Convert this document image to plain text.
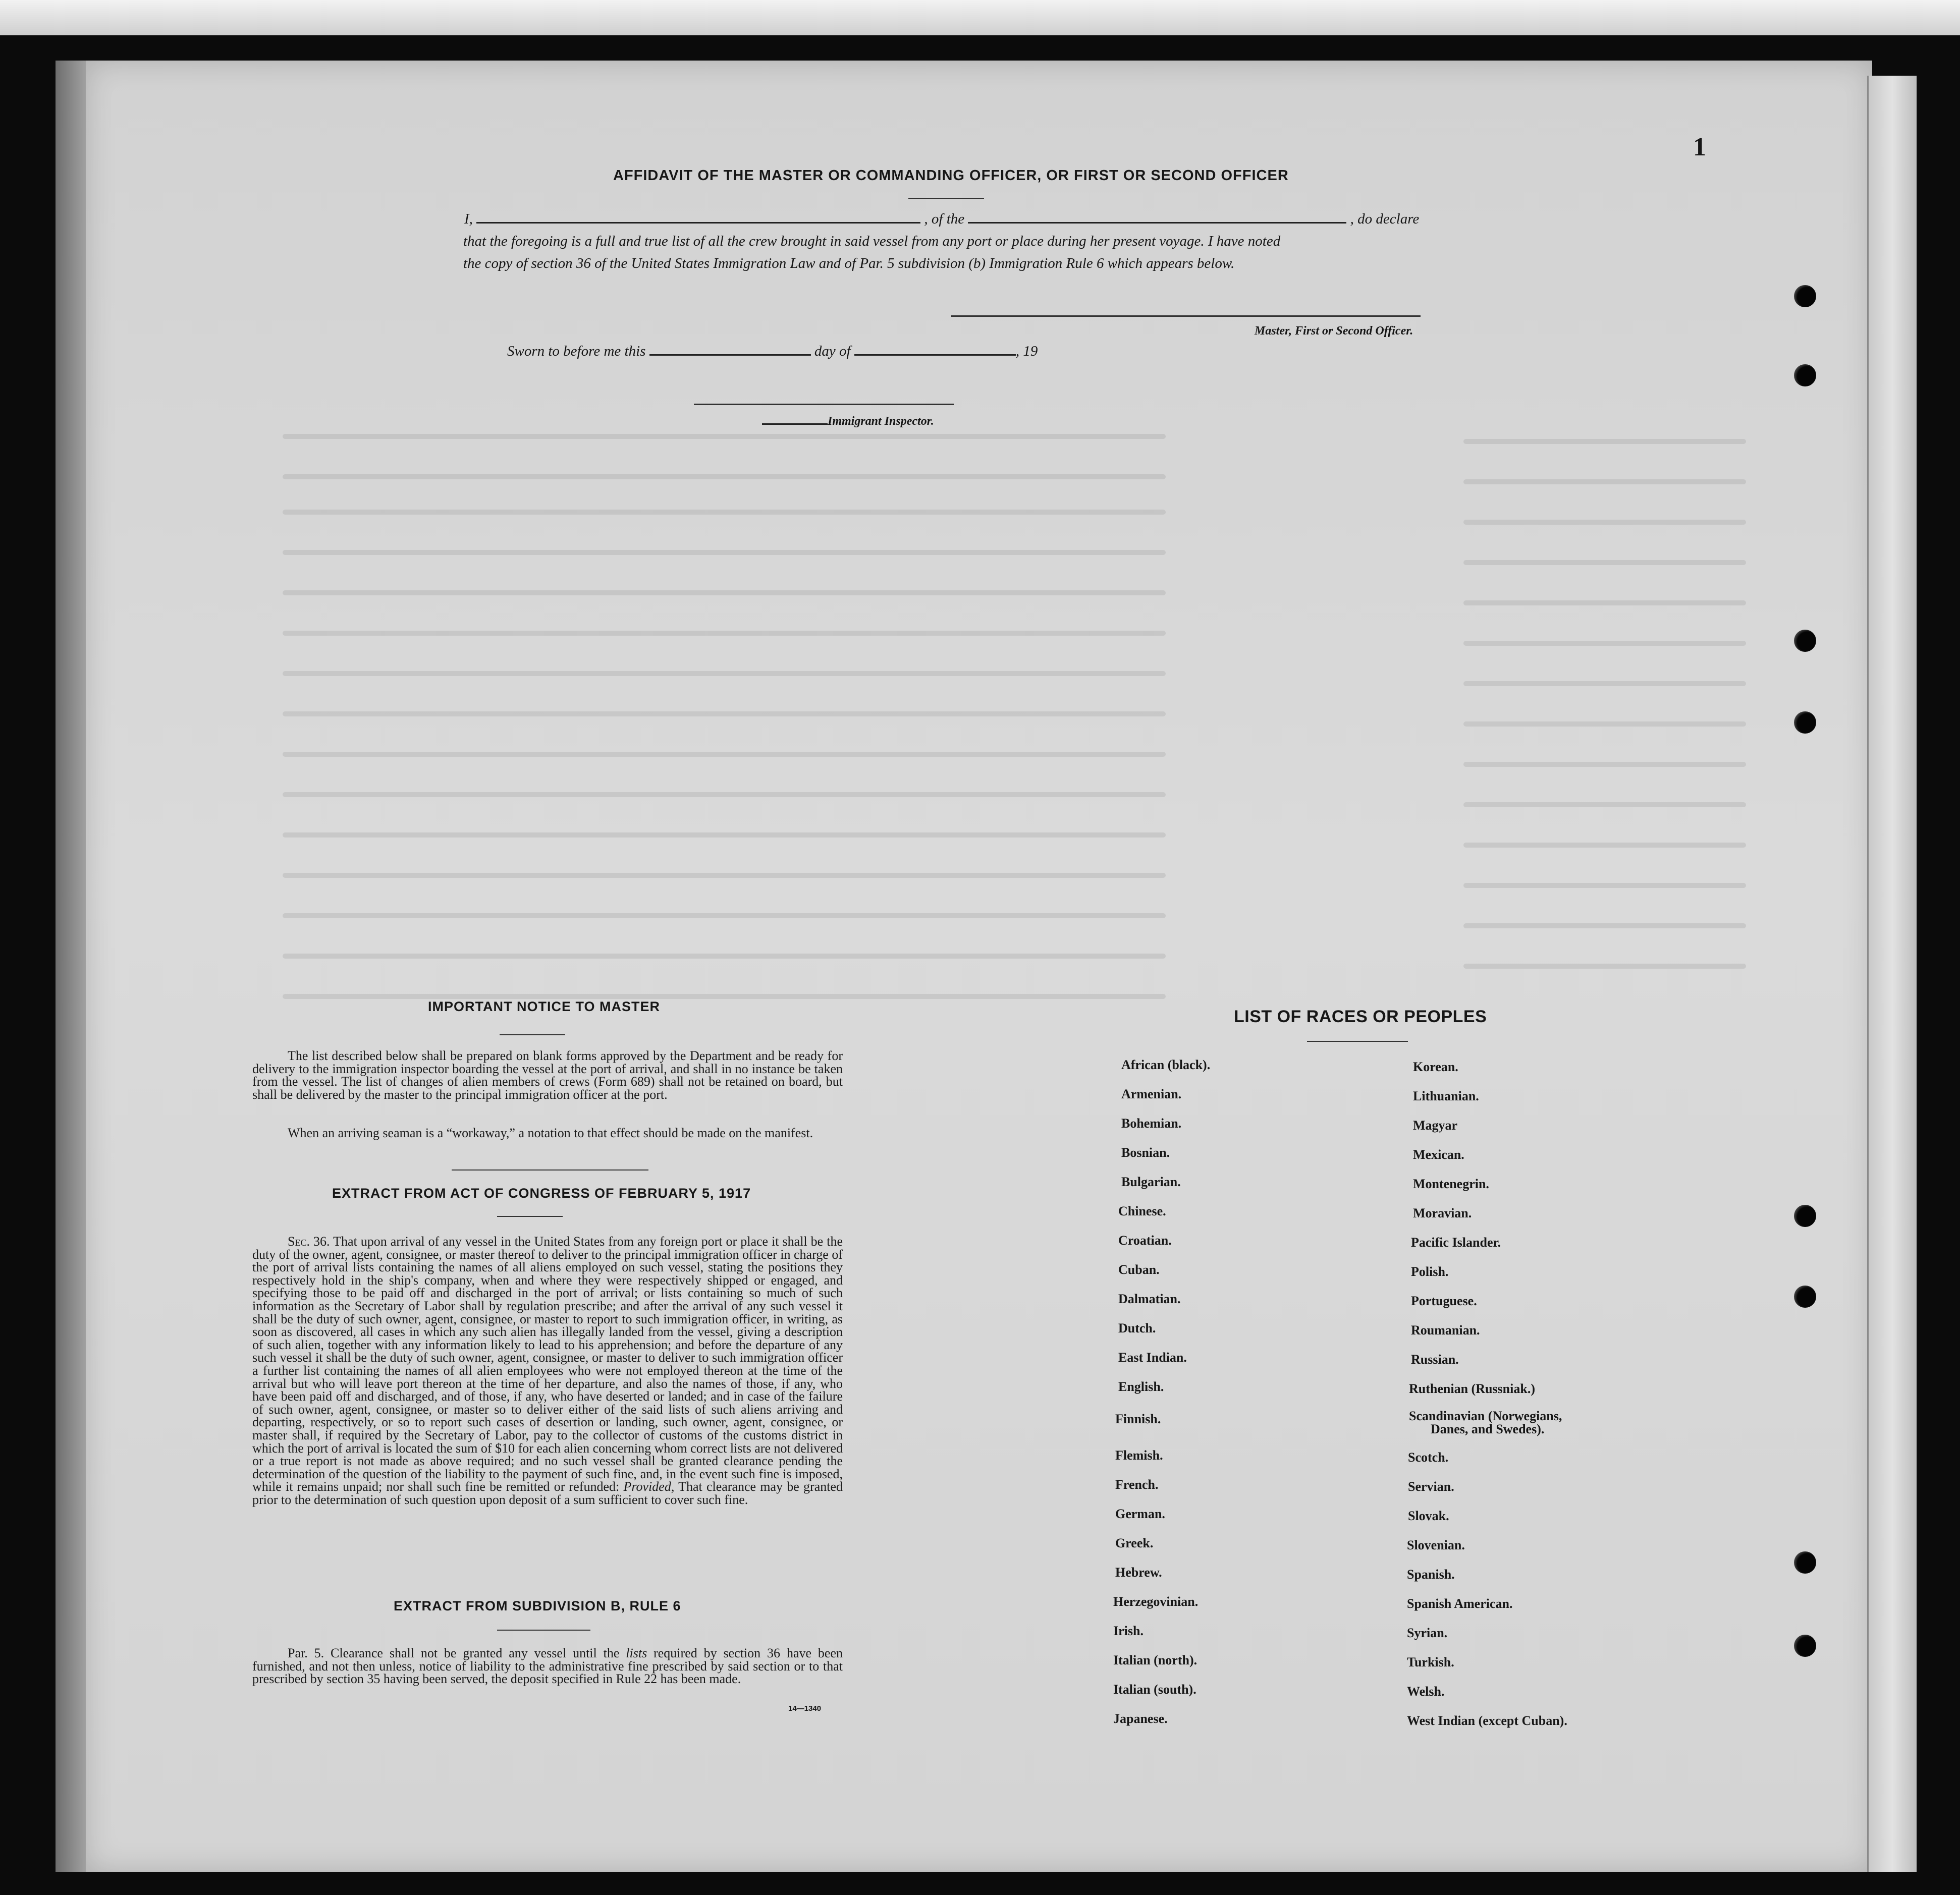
1
AFFIDAVIT OF THE MASTER OR COMMANDING OFFICER, OR FIRST OR SECOND OFFICER
I,	, of the	, do declare
that the foregoing is a full and true list of all the crew brought in said vessel from any port or place during her present voyage. I have noted
the copy of section 36 of the United States Immigration Law and of Par. 5 subdivision (b) Immigration Rule 6 which appears below.
Master, First or Second Officer.
Sworn to before me this	day of	, 19
Immigrant Inspector.
IMPORTANT NOTICE TO MASTER
The list described below shall be prepared on blank forms approved by the Department and be ready for delivery to the immigration inspector boarding the vessel at the port of arrival, and shall in no instance be taken from the vessel. The list of changes of alien members of crews (Form 689) shall not be retained on board, but shall be delivered by the master to the principal immigration officer at the port.
When an arriving seaman is a “workaway,” a notation to that effect should be made on the manifest.
EXTRACT FROM ACT OF CONGRESS OF FEBRUARY 5, 1917
Sec. 36. That upon arrival of any vessel in the United States from any foreign port or place it shall be the duty of the owner, agent, consignee, or master thereof to deliver to the principal immigration officer in charge of the port of arrival lists containing the names of all aliens employed on such vessel, stating the positions they respectively hold in the ship's company, when and where they were respectively shipped or engaged, and specifying those to be paid off and discharged in the port of arrival; or lists containing so much of such information as the Secretary of Labor shall by regulation prescribe; and after the arrival of any such vessel it shall be the duty of such owner, agent, consignee, or master to report to such immigration officer, in writing, as soon as discovered, all cases in which any such alien has illegally landed from the vessel, giving a description of such alien, together with any information likely to lead to his apprehension; and before the departure of any such vessel it shall be the duty of such owner, agent, consignee, or master to deliver to such immigration officer a further list containing the names of all alien employees who were not employed thereon at the time of the arrival but who will leave port thereon at the time of her departure, and also the names of those, if any, who have been paid off and discharged, and of those, if any, who have deserted or landed; and in case of the failure of such owner, agent, consignee, or master so to deliver either of the said lists of such aliens arriving and departing, respectively, or so to report such cases of desertion or landing, such owner, agent, consignee, or master shall, if required by the Secretary of Labor, pay to the collector of customs of the customs district in which the port of arrival is located the sum of $10 for each alien concerning whom correct lists are not delivered or a true report is not made as above required; and no such vessel shall be granted clearance pending the determination of the question of the liability to the payment of such fine, and, in the event such fine is imposed, while it remains unpaid; nor shall such fine be remitted or refunded: Provided, That clearance may be granted prior to the determination of such question upon deposit of a sum sufficient to cover such fine.
EXTRACT FROM SUBDIVISION B, RULE 6
Par. 5. Clearance shall not be granted any vessel until the lists required by section 36 have been furnished, and not then unless, notice of liability to the administrative fine prescribed by said section or to that prescribed by section 35 having been served, the deposit specified in Rule 22 has been made.
14—1340
LIST OF RACES OR PEOPLES
African (black).
Armenian.
Bohemian.
Bosnian.
Bulgarian.
Chinese.
Croatian.
Cuban.
Dalmatian.
Dutch.
East Indian.
English.
Finnish.
Flemish.
French.
German.
Greek.
Hebrew.
Herzegovinian.
Irish.
Italian (north).
Italian (south).
Japanese.
Korean.
Lithuanian.
Magyar
Mexican.
Montenegrin.
Moravian.
Pacific Islander.
Polish.
Portuguese.
Roumanian.
Russian.
Ruthenian (Russniak.)
Scandinavian (Norwegians,
Danes, and Swedes).
Scotch.
Servian.
Slovak.
Slovenian.
Spanish.
Spanish American.
Syrian.
Turkish.
Welsh.
West Indian (except Cuban).
